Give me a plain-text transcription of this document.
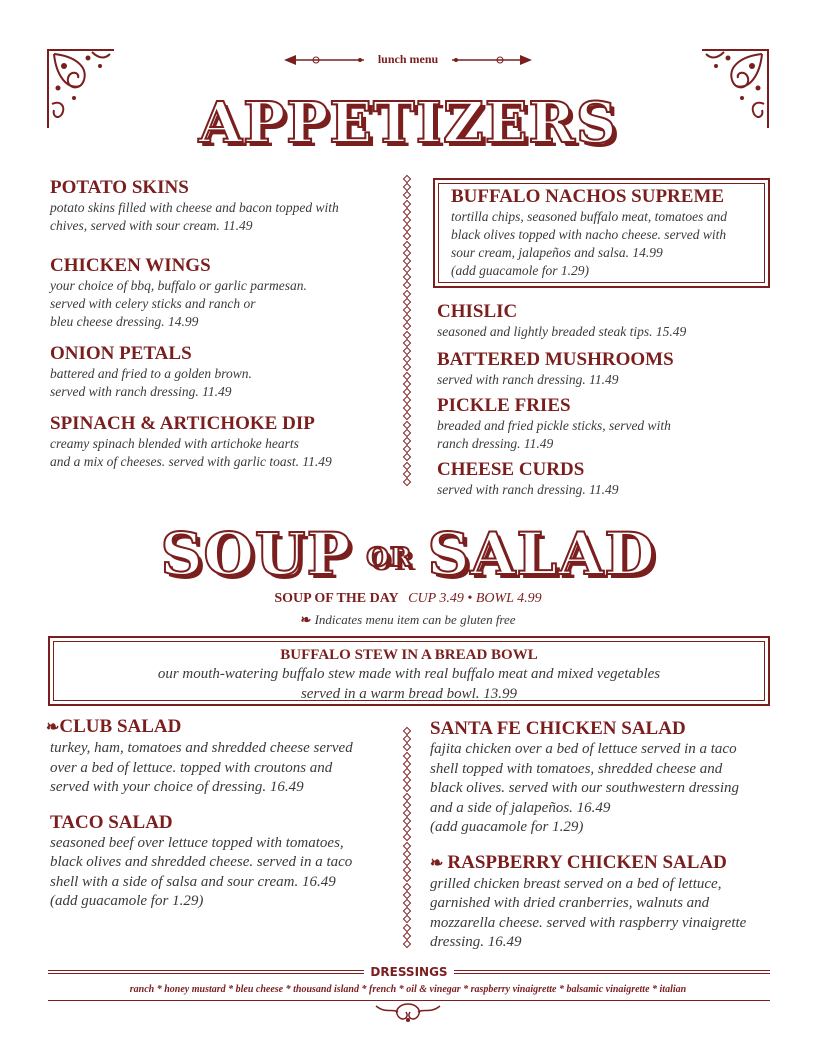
lunch menu
APPETIZERS

POTATO SKINS

potato skins filled with cheese and bacon topped with
chives, served with sour cream. 11.49

CHICKEN WINGS

your choice of bbq, buffalo or garlic parmesan.
served with celery sticks and ranch or
bleu cheese dressing. 14.99

ONION PETALS

battered and fried to a golden brown.
served with ranch dressing. 11.49

SPINACH & ARTICHOKE DIP

creamy spinach blended with artichoke hearts
and a mix of cheeses. served with garlic toast. 11.49

BUFFALO NACHOS SUPREME

tortilla chips, seasoned buffalo meat, tomatoes and
black olives topped with nacho cheese. served with
sour cream, jalapeños and salsa. 14.99
(add guacamole for 1.29)

CHISLIC

seasoned and lightly breaded steak tips. 15.49

BATTERED MUSHROOMS

served with ranch dressing. 11.49

PICKLE FRIES

breaded and fried pickle sticks, served with
ranch dressing. 11.49

CHEESE CURDS

served with ranch dressing. 11.49

SOUP OR SALAD
SOUP OF THE DAY CUP 3.49 • BOWL 4.99
❧ Indicates menu item can be gluten free

BUFFALO STEW IN A BREAD BOWL

our mouth-watering buffalo stew made with real buffalo meat and mixed vegetables
served in a warm bread bowl. 13.99

❧CLUB SALAD

turkey, ham, tomatoes and shredded cheese served
over a bed of lettuce. topped with croutons and
served with your choice of dressing. 16.49

TACO SALAD

seasoned beef over lettuce topped with tomatoes,
black olives and shredded cheese. served in a taco
shell with a side of salsa and sour cream. 16.49
(add guacamole for 1.29)

SANTA FE CHICKEN SALAD

fajita chicken over a bed of lettuce served in a taco
shell topped with tomatoes, shredded cheese and
black olives. served with our southwestern dressing
and a side of jalapeños. 16.49
(add guacamole for 1.29)

❧ RASPBERRY CHICKEN SALAD

grilled chicken breast served on a bed of lettuce,
garnished with dried cranberries, walnuts and
mozzarella cheese. served with raspberry vinaigrette
dressing. 16.49

DRESSINGS
ranch * honey mustard * bleu cheese * thousand island * french * oil & vinegar * raspberry vinaigrette * balsamic vinaigrette * italian
